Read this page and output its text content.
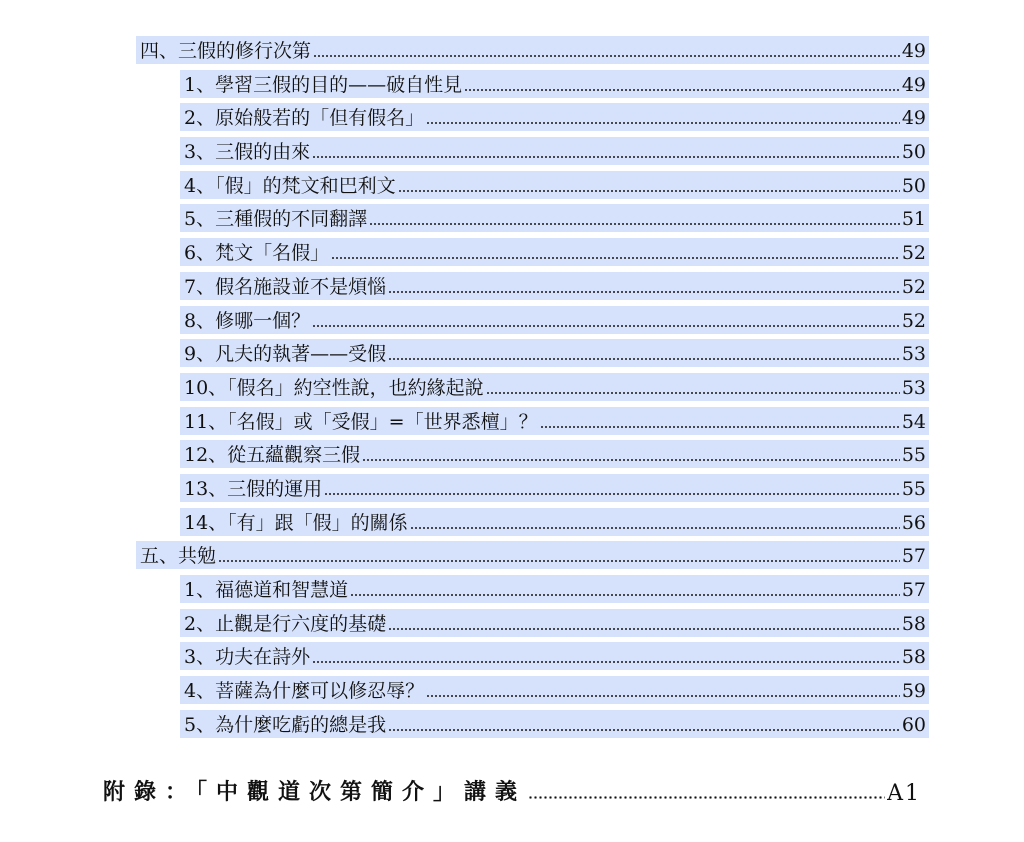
四、三假的修行次第	49
1、學習三假的目的——破自性見	49
2、原始般若的「但有假名」	49
3、三假的由來	50
4、「假」的梵文和巴利文	50
5、三種假的不同翻譯	51
6、梵文「名假」	52
7、假名施設並不是煩惱	52
8、修哪一個？	52
9、凡夫的執著——受假	53
10、「假名」約空性說，也約緣起說	53
11、「名假」或「受假」=「世界悉檀」？	54
12、從五蘊觀察三假	55
13、三假的運用	55
14、「有」跟「假」的關係	56
五、共勉	57
1、福德道和智慧道	57
2、止觀是行六度的基礎	58
3、功夫在詩外	58
4、菩薩為什麼可以修忍辱？	59
5、為什麼吃虧的總是我	60
附錄：「中觀道次第簡介」講義	A1
